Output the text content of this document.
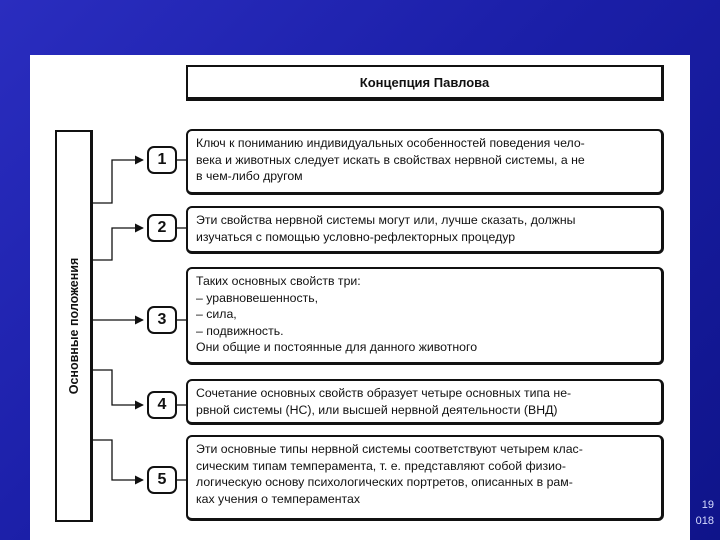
Концепция Павлова
Основные положения
1
Ключ к пониманию индивидуальных особенностей поведения чело-
века и животных следует искать в свойствах нервной системы, а не
в чем-либо другом
2	Эти свойства нервной системы могут или, лучше сказать, должны
изучаться с помощью условно-рефлекторных процедур
3
Таких основных свойств три:
– уравновешенность,
– сила,
– подвижность.
Они общие и постоянные для данного животного
4
Сочетание основных свойств образует четыре основных типа не-
рвной системы (НС), или высшей нервной деятельности (ВНД)
5
Эти основные типы нервной системы соответствуют четырем клас-
сическим типам темперамента, т. е. представляют собой физио-
логическую основу психологических портретов, описанных в рам-
ках учения о темпераментах	19
018
